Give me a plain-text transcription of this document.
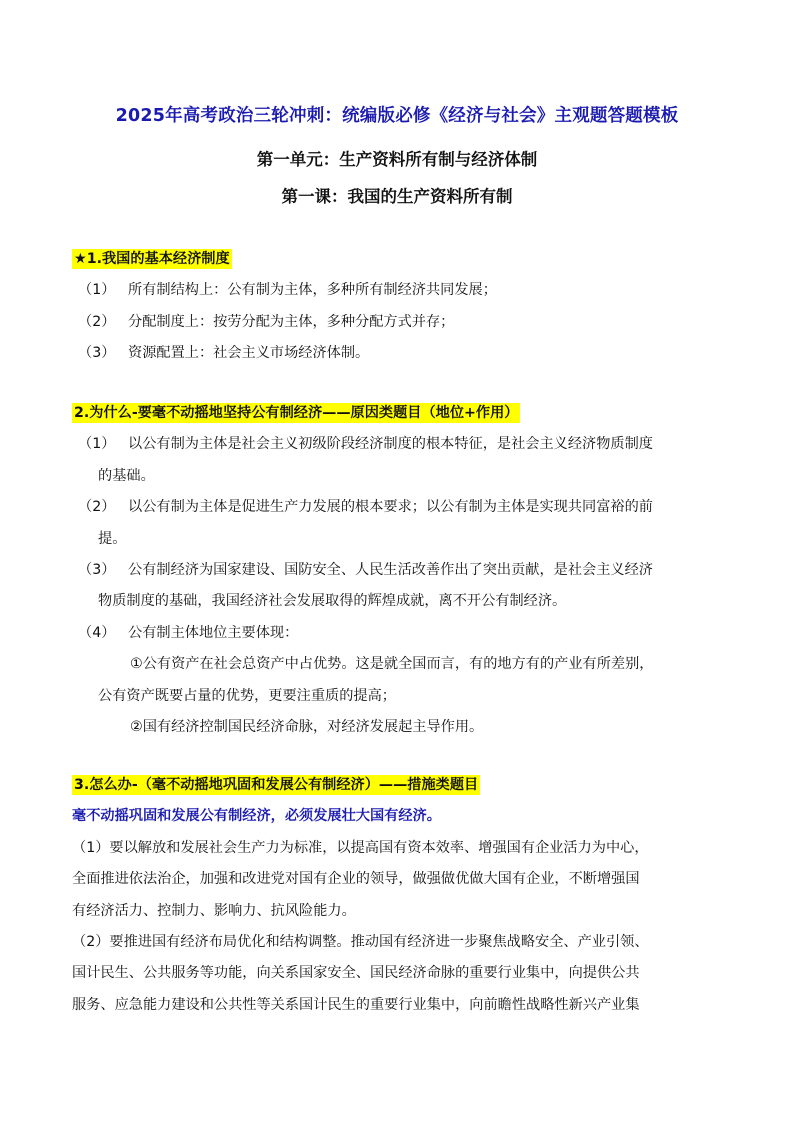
2025年高考政治三轮冲刺：统编版必修《经济与社会》主观题答题模板
第一单元：生产资料所有制与经济体制
第一课：我国的生产资料所有制
★1.我国的基本经济制度
（1） 所有制结构上：公有制为主体，多种所有制经济共同发展；
（2） 分配制度上：按劳分配为主体，多种分配方式并存；
（3） 资源配置上：社会主义市场经济体制。
2.为什么-要毫不动摇地坚持公有制经济——原因类题目（地位+作用）
（1） 以公有制为主体是社会主义初级阶段经济制度的根本特征，是社会主义经济物质制度
的基础。
（2） 以公有制为主体是促进生产力发展的根本要求；以公有制为主体是实现共同富裕的前
提。
（3） 公有制经济为国家建设、国防安全、人民生活改善作出了突出贡献，是社会主义经济
物质制度的基础，我国经济社会发展取得的辉煌成就，离不开公有制经济。
（4） 公有制主体地位主要体现：
①公有资产在社会总资产中占优势。这是就全国而言，有的地方有的产业有所差别，
公有资产既要占量的优势，更要注重质的提高；
②国有经济控制国民经济命脉，对经济发展起主导作用。
3.怎么办-（毫不动摇地巩固和发展公有制经济）——措施类题目
毫不动摇巩固和发展公有制经济，必须发展壮大国有经济。
（1）要以解放和发展社会生产力为标准，以提高国有资本效率、增强国有企业活力为中心，
全面推进依法治企，加强和改进党对国有企业的领导，做强做优做大国有企业，不断增强国
有经济活力、控制力、影响力、抗风险能力。
（2）要推进国有经济布局优化和结构调整。推动国有经济进一步聚焦战略安全、产业引领、
国计民生、公共服务等功能，向关系国家安全、国民经济命脉的重要行业集中，向提供公共
服务、应急能力建设和公共性等关系国计民生的重要行业集中，向前瞻性战略性新兴产业集
